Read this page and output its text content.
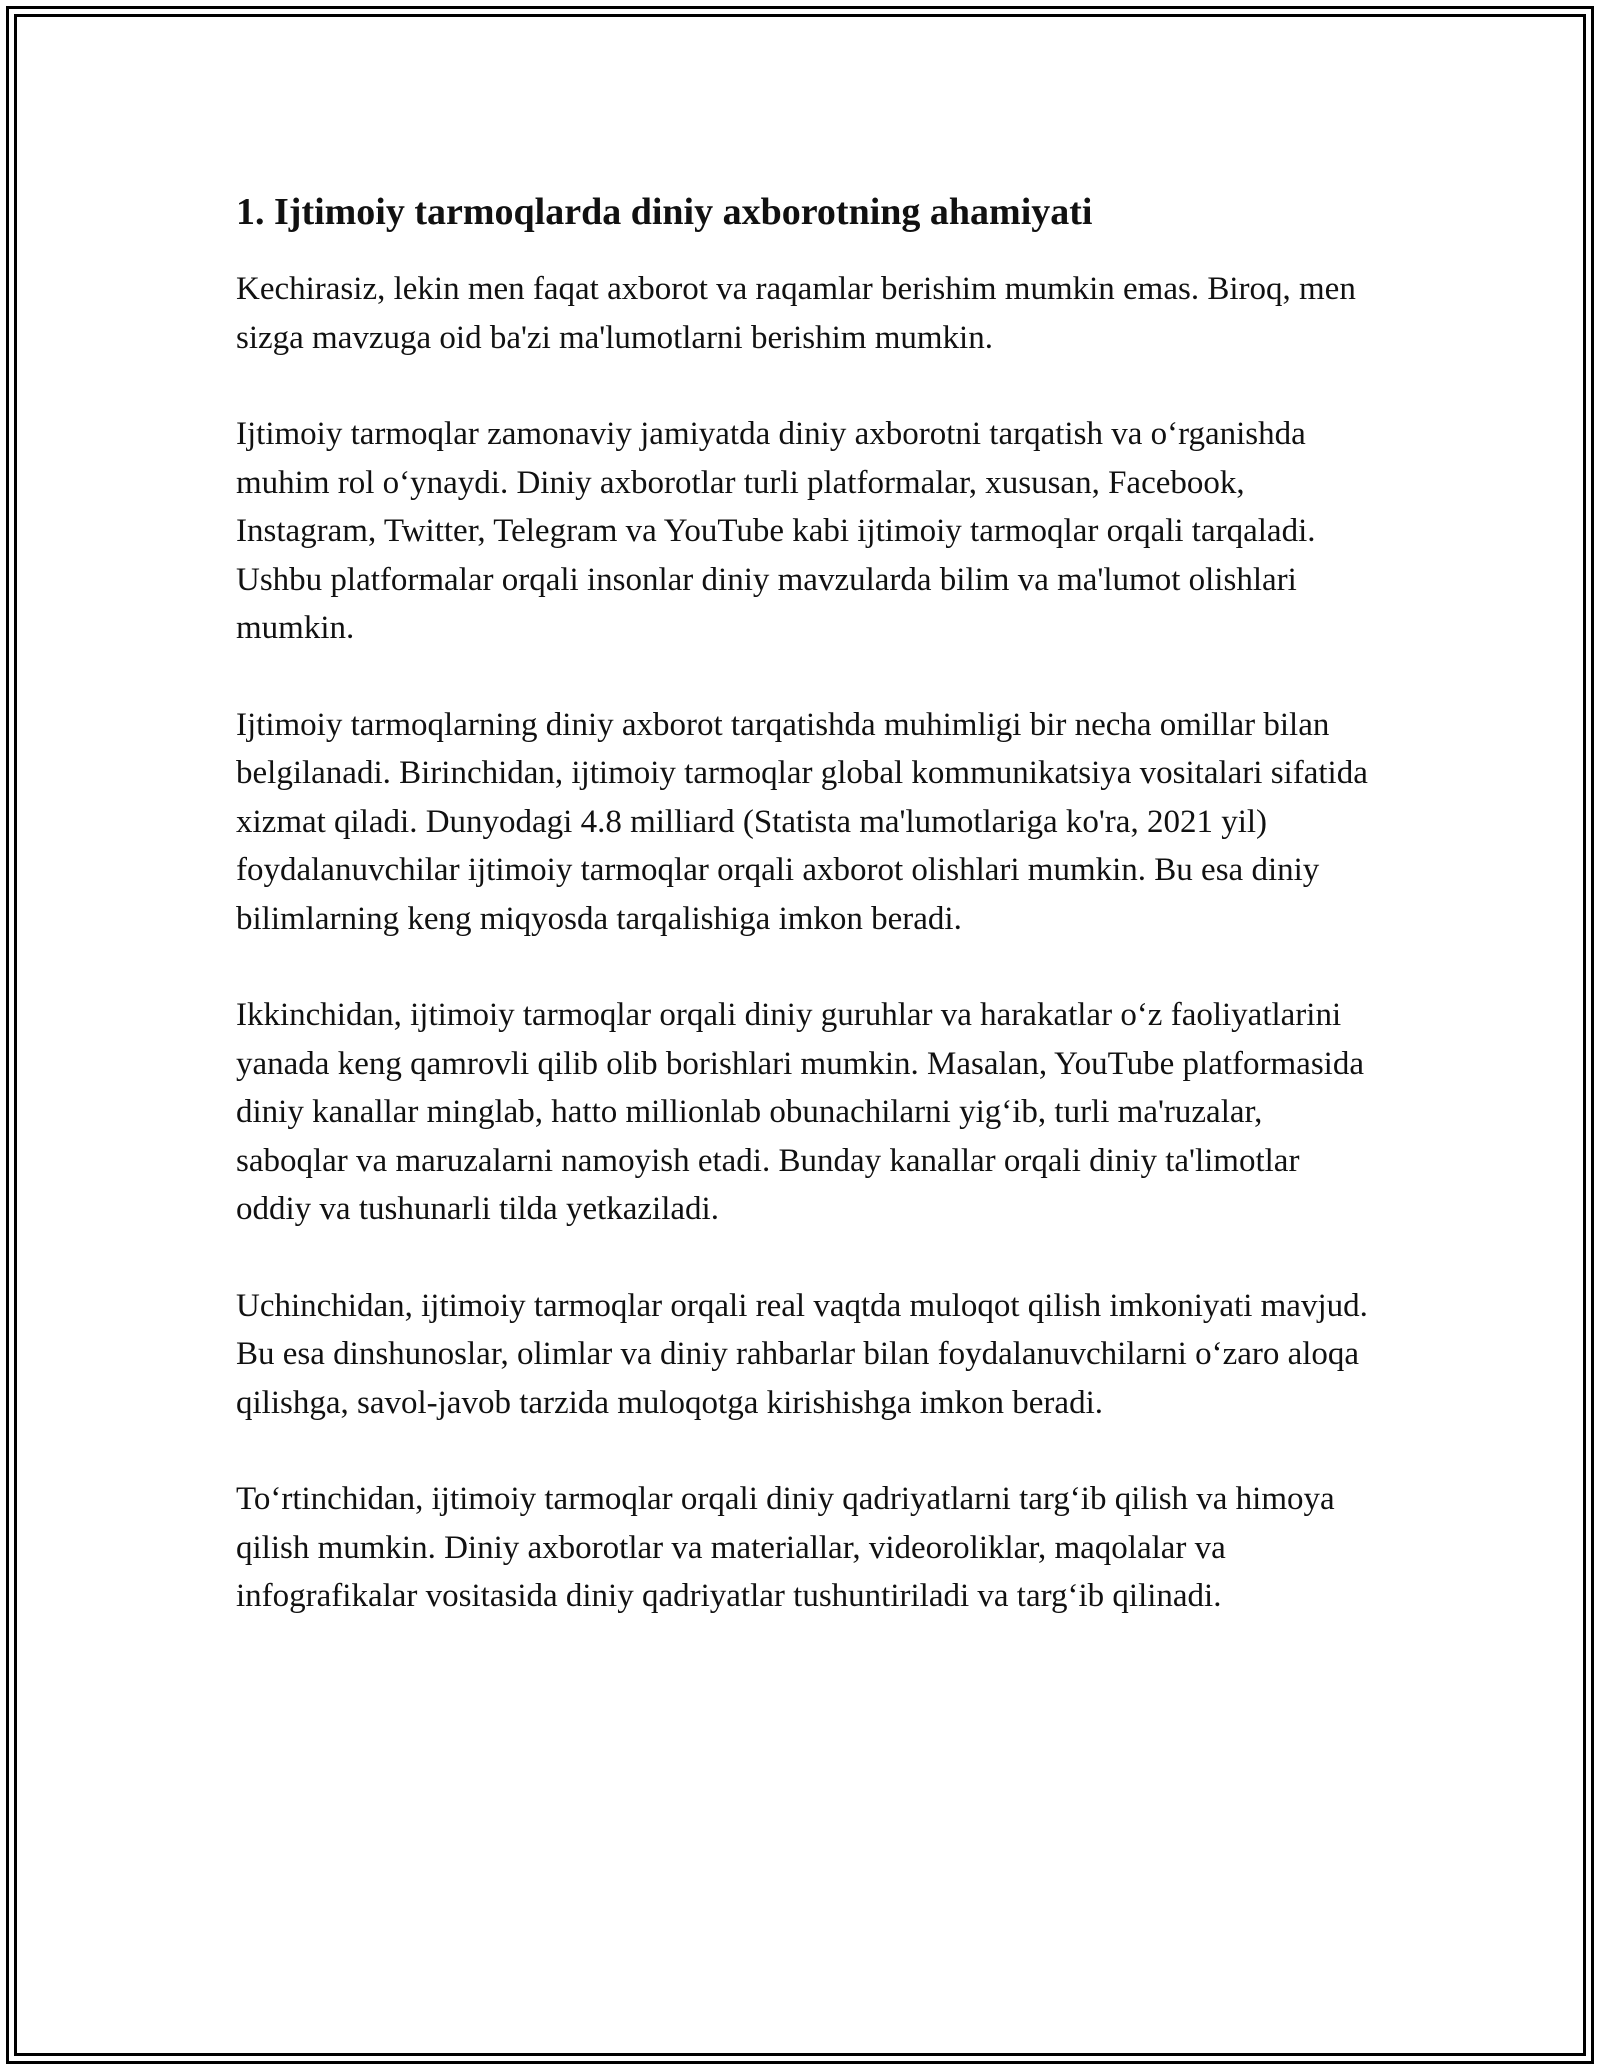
1. Ijtimoiy tarmoqlarda diniy axborotning ahamiyati

Kechirasiz, lekin men faqat axborot va raqamlar berishim mumkin emas. Biroq, men sizga mavzuga oid ba'zi ma'lumotlarni berishim mumkin.

Ijtimoiy tarmoqlar zamonaviy jamiyatda diniy axborotni tarqatish va o‘rganishda muhim rol o‘ynaydi. Diniy axborotlar turli platformalar, xususan, Facebook, Instagram, Twitter, Telegram va YouTube kabi ijtimoiy tarmoqlar orqali tarqaladi. Ushbu platformalar orqali insonlar diniy mavzularda bilim va ma'lumot olishlari mumkin.

Ijtimoiy tarmoqlarning diniy axborot tarqatishda muhimligi bir necha omillar bilan belgilanadi. Birinchidan, ijtimoiy tarmoqlar global kommunikatsiya vositalari sifatida xizmat qiladi. Dunyodagi 4.8 milliard (Statista ma'lumotlariga ko'ra, 2021 yil) foydalanuvchilar ijtimoiy tarmoqlar orqali axborot olishlari mumkin. Bu esa diniy bilimlarning keng miqyosda tarqalishiga imkon beradi.

Ikkinchidan, ijtimoiy tarmoqlar orqali diniy guruhlar va harakatlar o‘z faoliyatlarini yanada keng qamrovli qilib olib borishlari mumkin. Masalan, YouTube platformasida diniy kanallar minglab, hatto millionlab obunachilarni yig‘ib, turli ma'ruzalar, saboqlar va maruzalarni namoyish etadi. Bunday kanallar orqali diniy ta'limotlar oddiy va tushunarli tilda yetkaziladi.

Uchinchidan, ijtimoiy tarmoqlar orqali real vaqtda muloqot qilish imkoniyati mavjud. Bu esa dinshunoslar, olimlar va diniy rahbarlar bilan foydalanuvchilarni o‘zaro aloqa qilishga, savol-javob tarzida muloqotga kirishishga imkon beradi.

To‘rtinchidan, ijtimoiy tarmoqlar orqali diniy qadriyatlarni targ‘ib qilish va himoya qilish mumkin. Diniy axborotlar va materiallar, videoroliklar, maqolalar va infografikalar vositasida diniy qadriyatlar tushuntiriladi va targ‘ib qilinadi.
